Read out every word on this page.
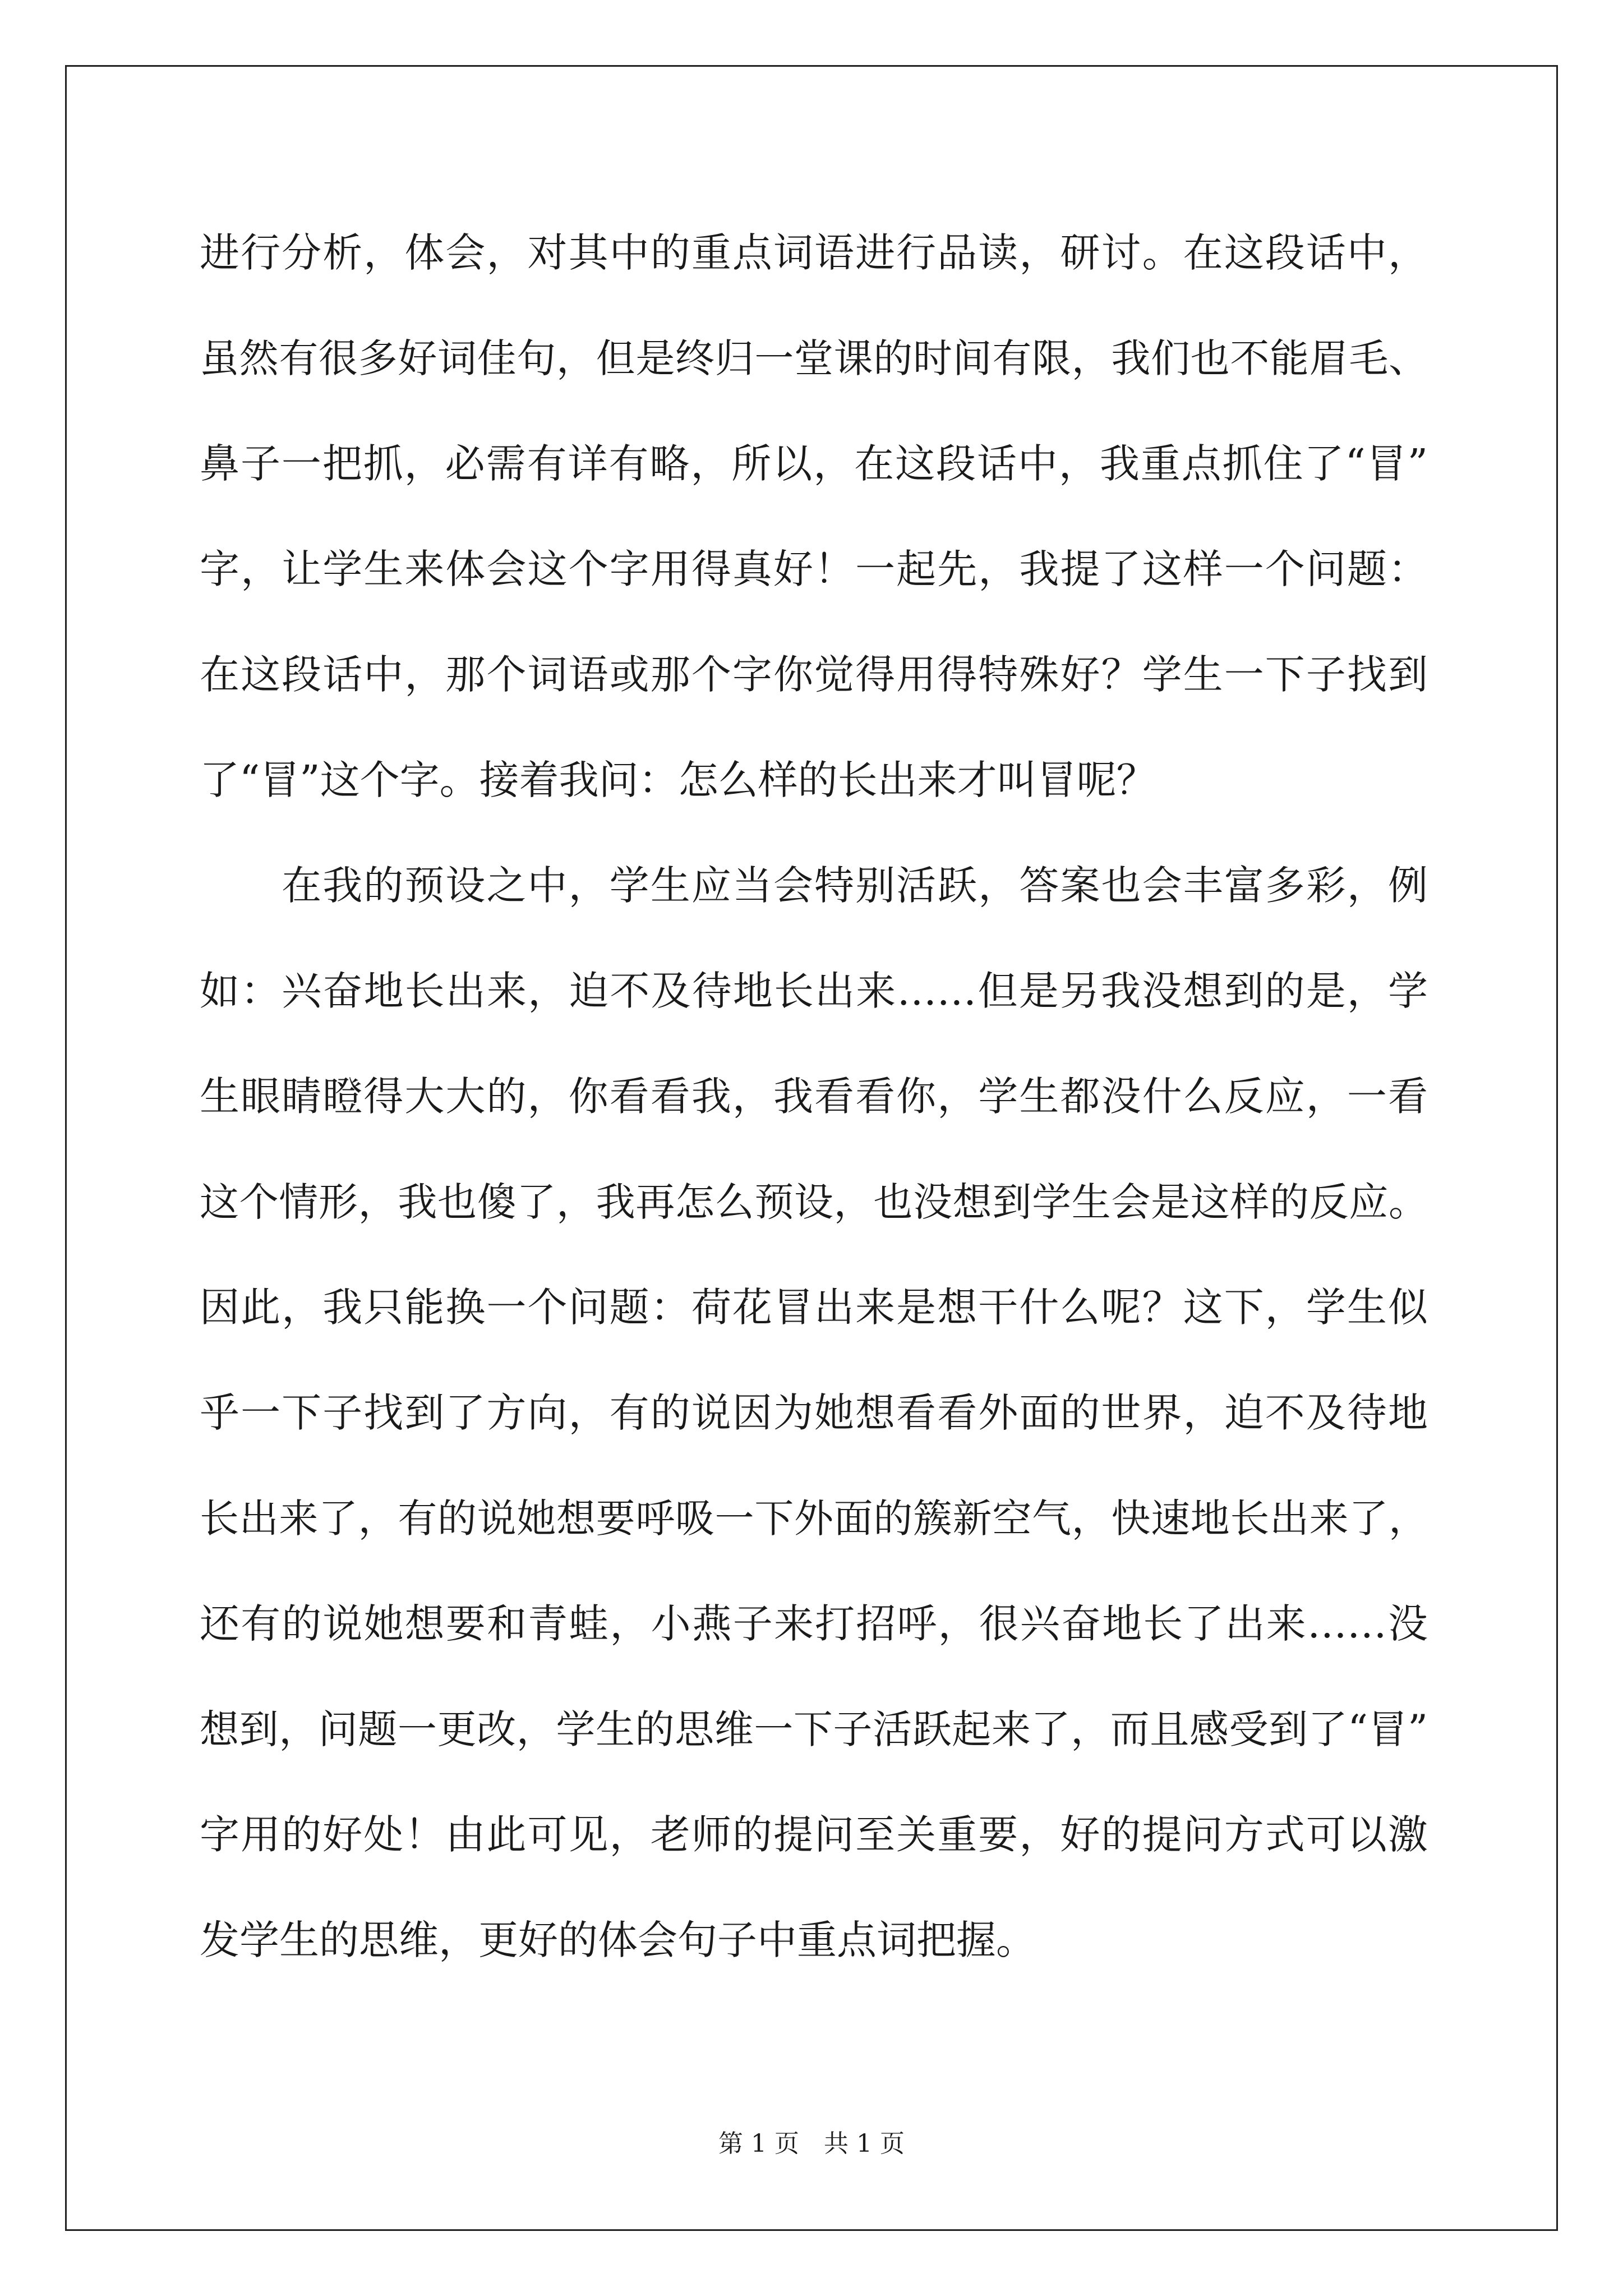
进行分析，体会，对其中的重点词语进行品读，研讨。在这段话中，
虽然有很多好词佳句，但是终归一堂课的时间有限，我们也不能眉毛、
鼻子一把抓，必需有详有略，所以，在这段话中，我重点抓住了“冒”
字，让学生来体会这个字用得真好！一起先，我提了这样一个问题：
在这段话中，那个词语或那个字你觉得用得特殊好？学生一下子找到
了“冒”这个字。接着我问：怎么样的长出来才叫冒呢？
　　在我的预设之中，学生应当会特别活跃，答案也会丰富多彩，例
如：兴奋地长出来，迫不及待地长出来……但是另我没想到的是，学
生眼睛瞪得大大的，你看看我，我看看你，学生都没什么反应，一看
这个情形，我也傻了，我再怎么预设，也没想到学生会是这样的反应。
因此，我只能换一个问题：荷花冒出来是想干什么呢？这下，学生似
乎一下子找到了方向，有的说因为她想看看外面的世界，迫不及待地
长出来了，有的说她想要呼吸一下外面的簇新空气，快速地长出来了，
还有的说她想要和青蛙，小燕子来打招呼，很兴奋地长了出来……没
想到，问题一更改，学生的思维一下子活跃起来了，而且感受到了“冒”
字用的好处！由此可见，老师的提问至关重要，好的提问方式可以激
发学生的思维，更好的体会句子中重点词把握。
第 1 页　共 1 页
